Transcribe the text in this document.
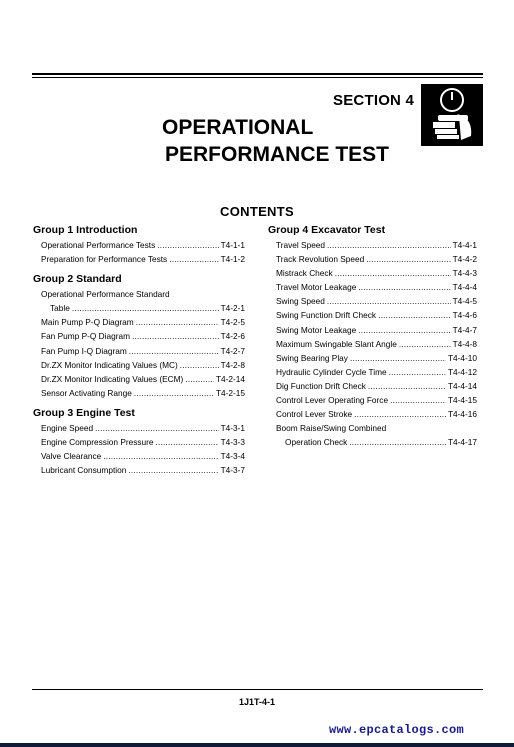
SECTION 4
OPERATIONAL
PERFORMANCE TEST
CONTENTS
Group 1 Introduction
Operational Performance Tests .....	T4-1-1
Preparation for Performance Tests .....	T4-1-2
Group 2 Standard
Operational Performance Standard
Table .....	T4-2-1
Main Pump P-Q Diagram .....	T4-2-5
Fan Pump P-Q Diagram .....	T4-2-6
Fan Pump I-Q Diagram .....	T4-2-7
Dr.ZX Monitor Indicating Values (MC) .....	T4-2-8
Dr.ZX Monitor Indicating Values (ECM) .....	T4-2-14
Sensor Activating Range .....	T4-2-15
Group 3 Engine Test
Engine Speed .....	T4-3-1
Engine Compression Pressure .....	T4-3-3
Valve Clearance .....	T4-3-4
Lubricant Consumption .....	T4-3-7
Group 4 Excavator Test
Travel Speed .....	T4-4-1
Track Revolution Speed .....	T4-4-2
Mistrack Check .....	T4-4-3
Travel Motor Leakage .....	T4-4-4
Swing Speed .....	T4-4-5
Swing Function Drift Check .....	T4-4-6
Swing Motor Leakage .....	T4-4-7
Maximum Swingable Slant Angle .....	T4-4-8
Swing Bearing Play .....	T4-4-10
Hydraulic Cylinder Cycle Time .....	T4-4-12
Dig Function Drift Check .....	T4-4-14
Control Lever Operating Force .....	T4-4-15
Control Lever Stroke .....	T4-4-16
Boom Raise/Swing Combined
Operation Check .....	T4-4-17
1J1T-4-1
www.epcatalogs.com
